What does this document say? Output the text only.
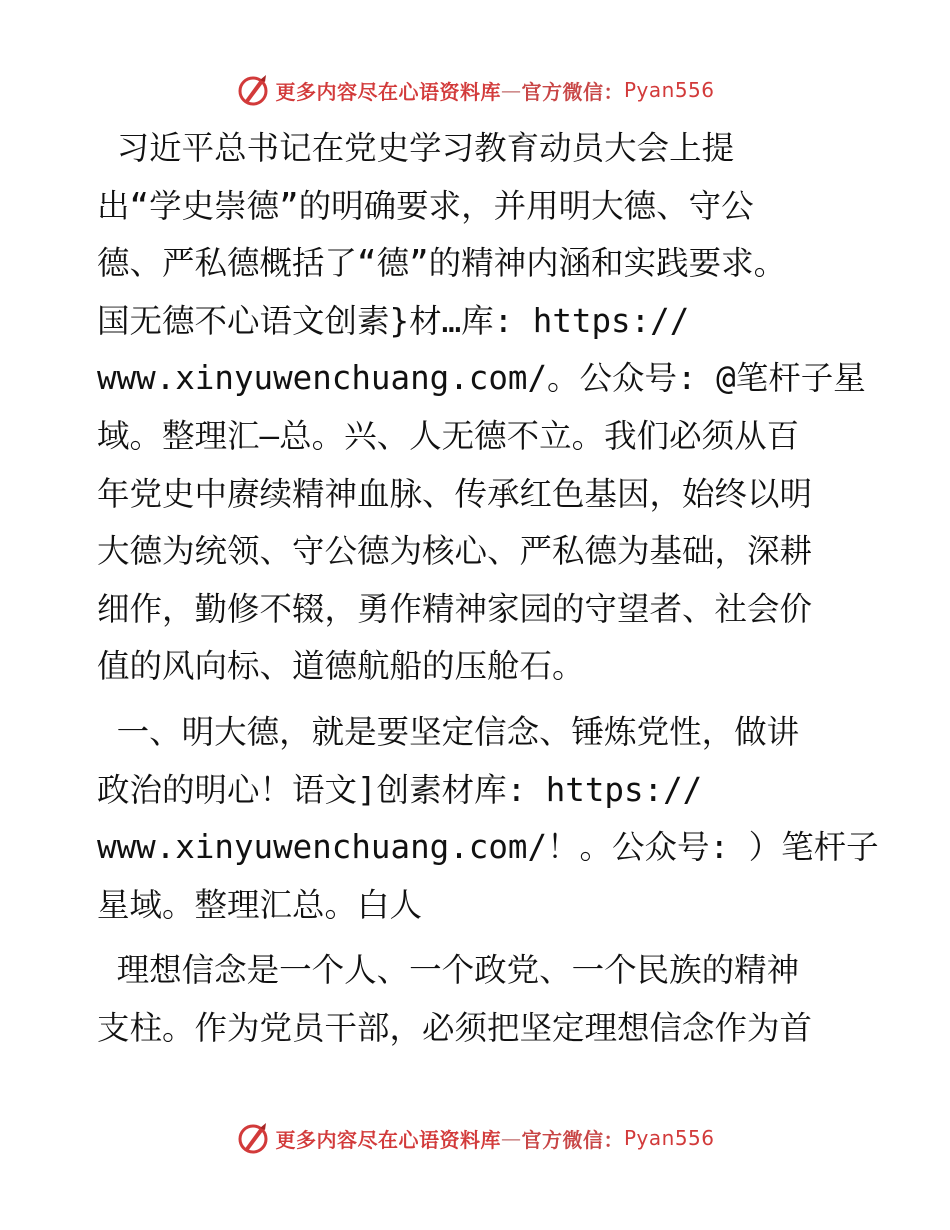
更多内容尽在心语资料库 — 官方微信： Pyan556
习近平总书记在党史学习教育动员大会上提
出“学史崇德”的明确要求，并用明大德、守公
德、严私德概括了“德”的精神内涵和实践要求。
国无德不心语文创素}材…库: https://
www.xinyuwenchuang.com/。公众号: @笔杆子星
域。整理汇—总。兴、人无德不立。我们必须从百
年党史中赓续精神血脉、传承红色基因，始终以明
大德为统领、守公德为核心、严私德为基础，深耕
细作，勤修不辍，勇作精神家园的守望者、社会价
值的风向标、道德航船的压舱石。
一、明大德，就是要坚定信念、锤炼党性，做讲
政治的明心！语文]创素材库: https://
www.xinyuwenchuang.com/！。公众号: ）笔杆子
星域。整理汇总。白人
理想信念是一个人、一个政党、一个民族的精神
支柱。作为党员干部，必须把坚定理想信念作为首
更多内容尽在心语资料库 — 官方微信： Pyan556
